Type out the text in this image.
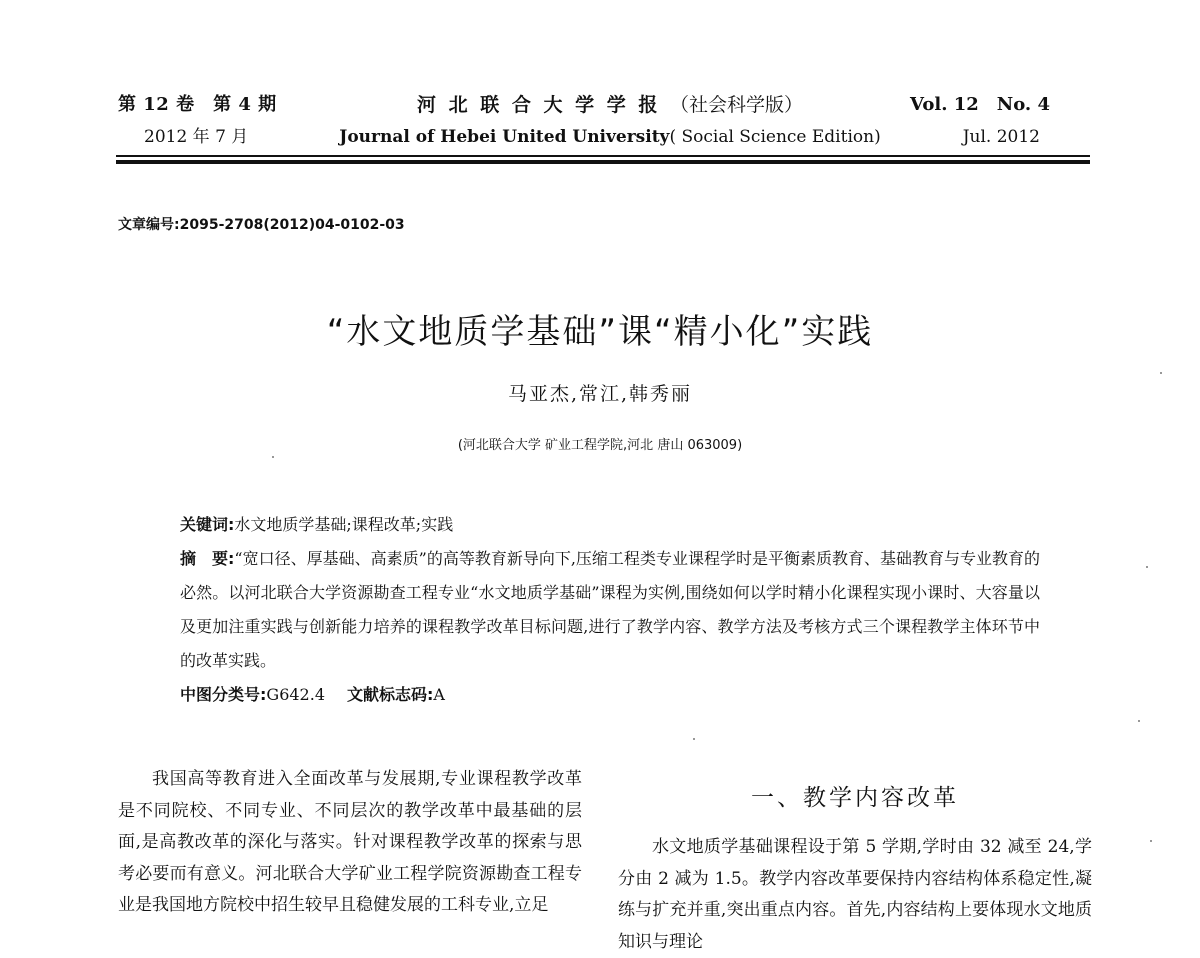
第 12 卷　第 4 期
2012 年 7 月
河 北 联 合 大 学 学 报 （社会科学版）
Journal of Hebei United University( Social Science Edition)
Vol. 12　No. 4
Jul. 2012
文章编号:2095-2708(2012)04-0102-03
“水文地质学基础”课“精小化”实践
马亚杰,常江,韩秀丽
(河北联合大学 矿业工程学院,河北 唐山 063009)

关键词:水文地质学基础;课程改革;实践

摘　要:“宽口径、厚基础、高素质”的高等教育新导向下,压缩工程类专业课程学时是平衡素质教育、基础教育与专业教育的必然。以河北联合大学资源勘查工程专业“水文地质学基础”课程为实例,围绕如何以学时精小化课程实现小课时、大容量以及更加注重实践与创新能力培养的课程教学改革目标问题,进行了教学内容、教学方法及考核方式三个课程教学主体环节中的改革实践。

中图分类号:G642.4 文献标志码:A

我国高等教育进入全面改革与发展期,专业课程教学改革是不同院校、不同专业、不同层次的教学改革中最基础的层面,是高教改革的深化与落实。针对课程教学改革的探索与思考必要而有意义。河北联合大学矿业工程学院资源勘查工程专业是我国地方院校中招生较早且稳健发展的工科专业,立足

一、教学内容改革

水文地质学基础课程设于第 5 学期,学时由 32 减至 24,学分由 2 减为 1.5。教学内容改革要保持内容结构体系稳定性,凝练与扩充并重,突出重点内容。首先,内容结构上要体现水文地质知识与理论
